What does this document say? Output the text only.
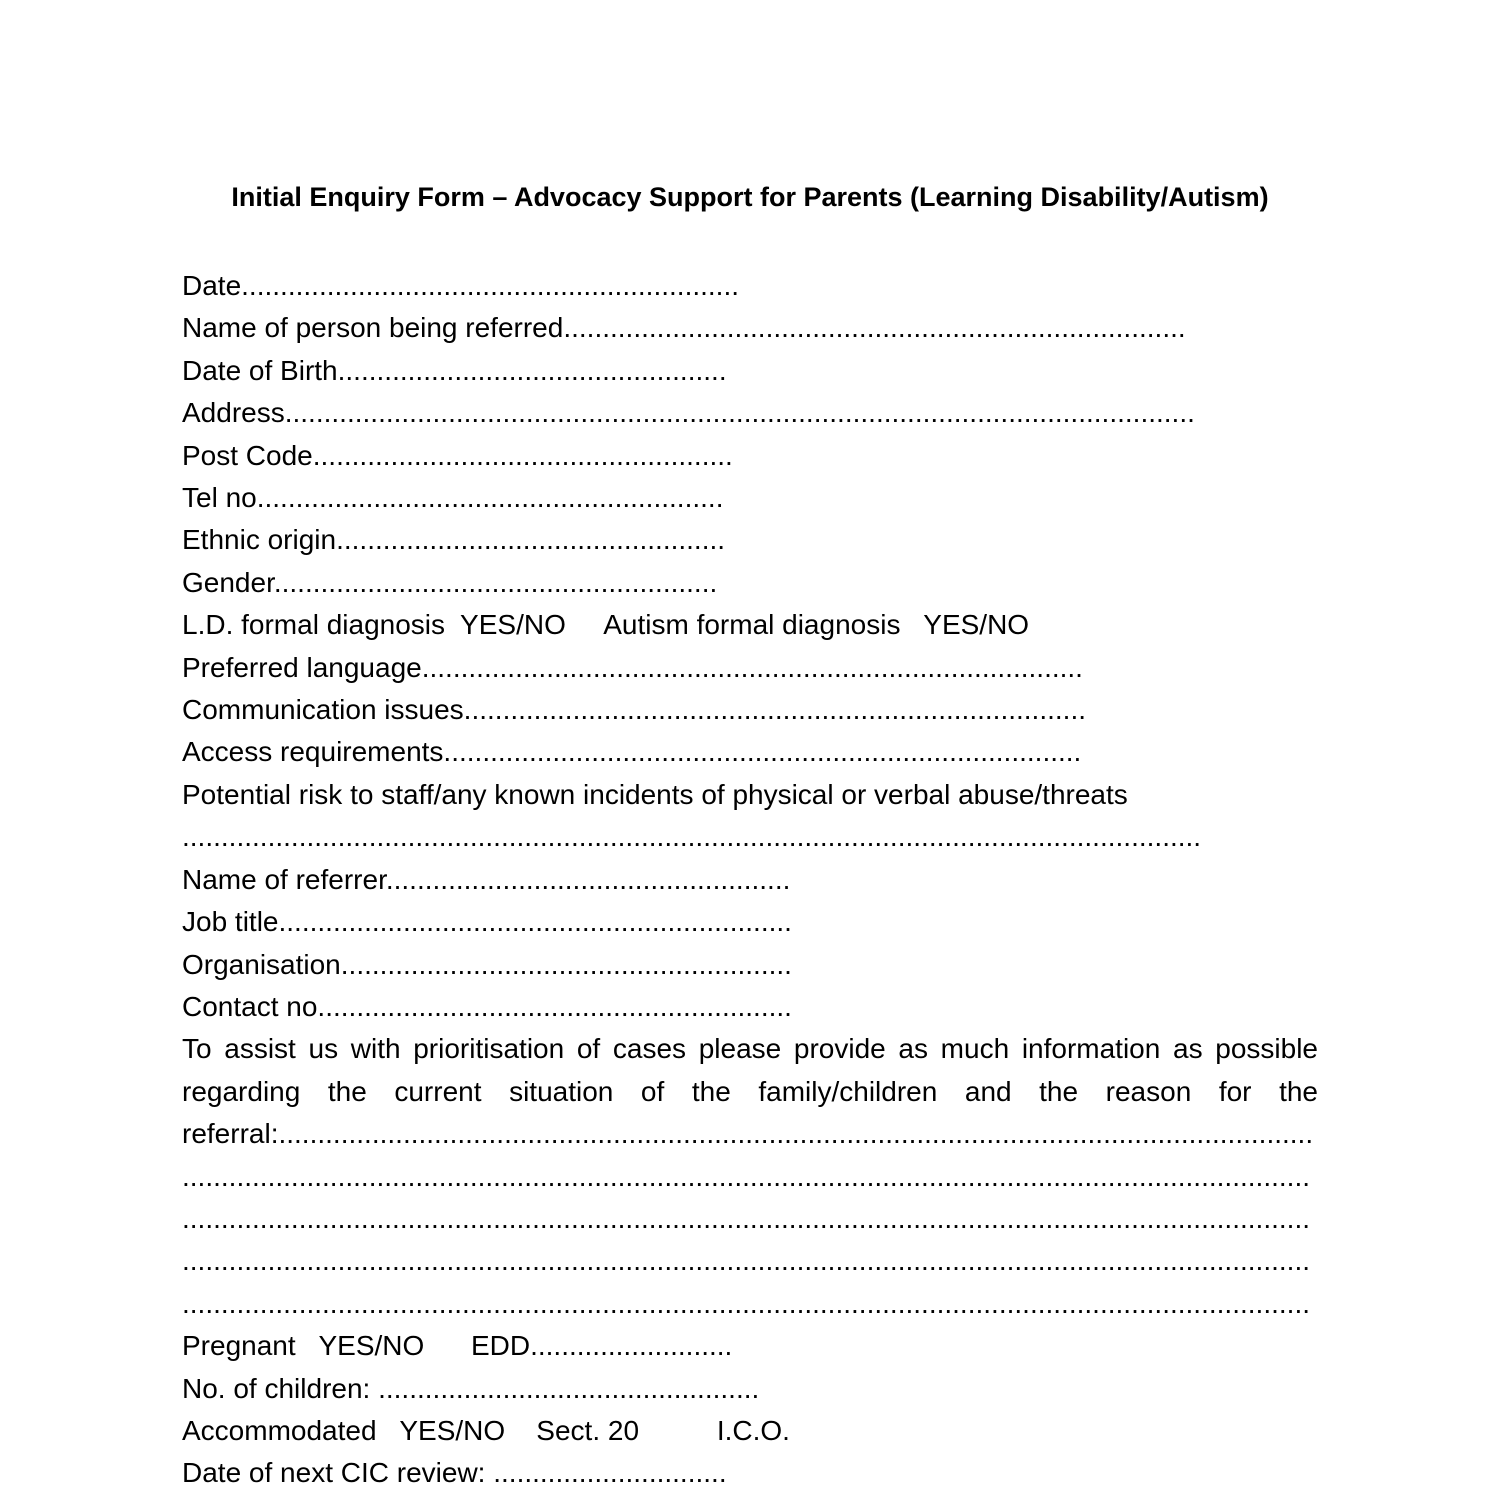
Initial Enquiry Form – Advocacy Support for Parents (Learning Disability/Autism)
Date................................................................
Name of person being referred................................................................................
Date of Birth..................................................
Address.....................................................................................................................
Post Code......................................................
Tel no............................................................
Ethnic origin..................................................
Gender.........................................................
L.D. formal diagnosis  YES/NO     Autism formal diagnosis   YES/NO
Preferred language.....................................................................................
Communication issues................................................................................
Access requirements..................................................................................
Potential risk to staff/any known incidents of physical or verbal abuse/threats
...................................................................................................................................
Name of referrer....................................................
Job title..................................................................
Organisation..........................................................
Contact no.............................................................
To assist us with prioritisation of cases please provide as much information as possible
regarding the current situation of the family/children and the reason for the
referral:.....................................................................................................................................
.................................................................................................................................................
.................................................................................................................................................
.................................................................................................................................................
.................................................................................................................................................
Pregnant   YES/NO      EDD..........................
No. of children: .................................................
Accommodated   YES/NO    Sect. 20          I.C.O.
Date of next CIC review: ..............................
